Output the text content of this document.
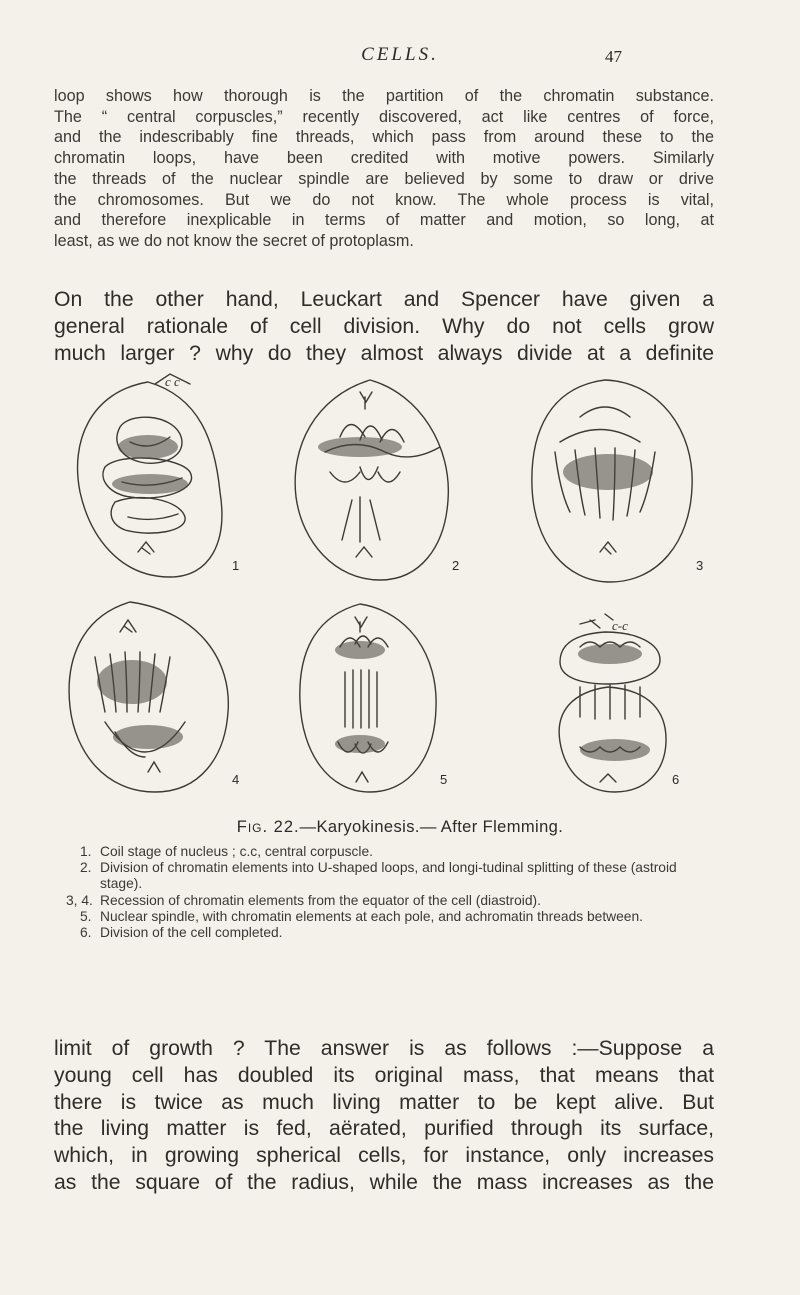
CELLS.	47
loop shows how thorough is the partition of the chromatin substance.
The “ central corpuscles,” recently discovered, act like centres of force,
and the indescribably fine threads, which pass from around these to the
chromatin loops, have been credited with motive powers. Similarly
the threads of the nuclear spindle are believed by some to draw or drive
the chromosomes. But we do not know. The whole process is vital,
and therefore inexplicable in terms of matter and motion, so long, at
least, as we do not know the secret of protoplasm.
On the other hand, Leuckart and Spencer have given a
general rationale of cell division. Why do not cells grow
much larger ? why do they almost always divide at a definite
c c
c-c
1	2	3
4	5	6
Fig. 22.—Karyokinesis.— After Flemming.
1. Coil stage of nucleus ; c.c, central corpuscle.
2. Division of chromatin elements into U-shaped loops, and longi-tudinal splitting of these (astroid stage).
3, 4. Recession of chromatin elements from the equator of the cell (diastroid).
5. Nuclear spindle, with chromatin elements at each pole, and achromatin threads between.
6. Division of the cell completed.
limit of growth ? The answer is as follows :—Suppose a
young cell has doubled its original mass, that means that
there is twice as much living matter to be kept alive. But
the living matter is fed, aërated, purified through its surface,
which, in growing spherical cells, for instance, only increases
as the square of the radius, while the mass increases as the
